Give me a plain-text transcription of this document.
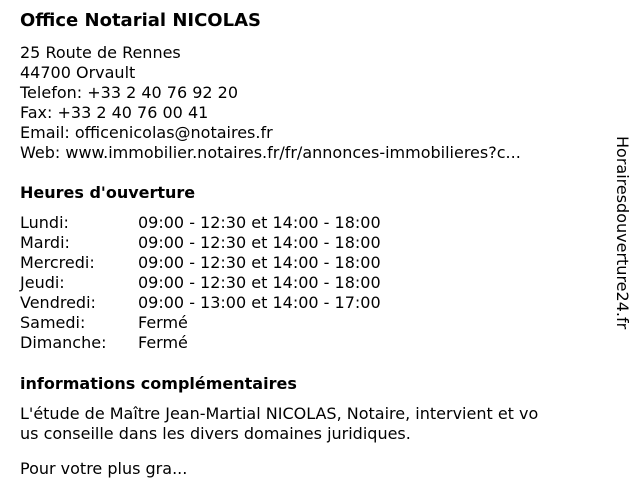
Office Notarial NICOLAS
25 Route de Rennes
44700 Orvault
Telefon: +33 2 40 76 92 20
Fax: +33 2 40 76 00 41
Email: officenicolas@notaires.fr
Web: www.immobilier.notaires.fr/fr/annonces-immobilieres?c...
Heures d'ouverture
Lundi:	09:00 - 12:30 et 14:00 - 18:00
Mardi:	09:00 - 12:30 et 14:00 - 18:00
Mercredi:	09:00 - 12:30 et 14:00 - 18:00
Jeudi:	09:00 - 12:30 et 14:00 - 18:00
Vendredi:	09:00 - 13:00 et 14:00 - 17:00
Samedi:	Fermé
Dimanche: Fermé
informations complémentaires
L'étude de Maître Jean-Martial NICOLAS, Notaire, intervient et vo
us conseille dans les divers domaines juridiques.
Pour votre plus gra...
Horairesdouverture24.fr
